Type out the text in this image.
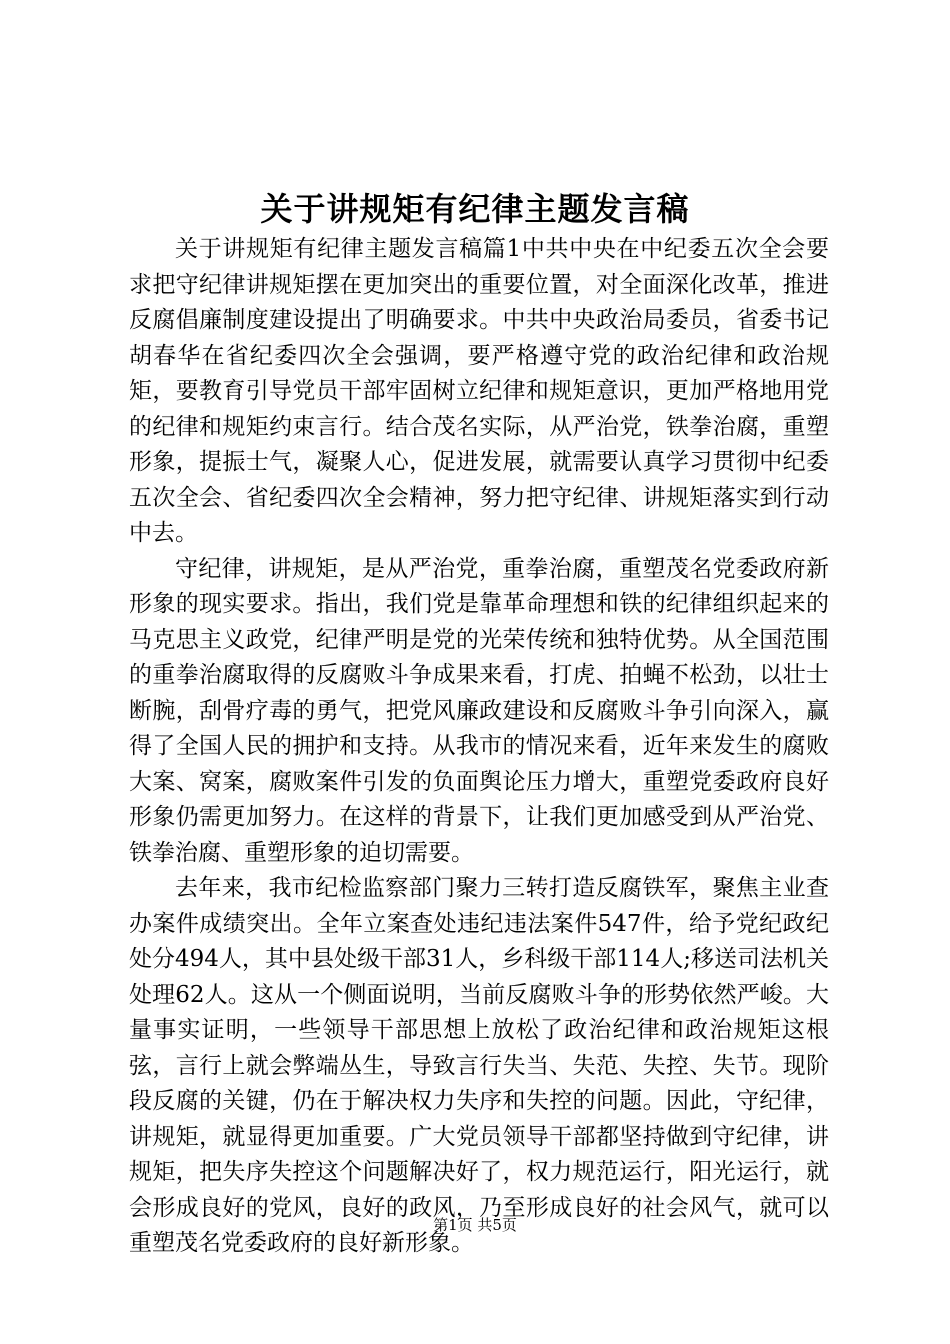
关于讲规矩有纪律主题发言稿

关于讲规矩有纪律主题发言稿篇1中共中央在中纪委五次全会要求把守纪律讲规矩摆在更加突出的重要位置，对全面深化改革，推进反腐倡廉制度建设提出了明确要求。中共中央政治局委员，省委书记胡春华在省纪委四次全会强调，要严格遵守党的政治纪律和政治规矩，要教育引导党员干部牢固树立纪律和规矩意识，更加严格地用党的纪律和规矩约束言行。结合茂名实际，从严治党，铁拳治腐，重塑形象，提振士气，凝聚人心，促进发展，就需要认真学习贯彻中纪委五次全会、省纪委四次全会精神，努力把守纪律、讲规矩落实到行动中去。

守纪律，讲规矩，是从严治党，重拳治腐，重塑茂名党委政府新形象的现实要求。指出，我们党是靠革命理想和铁的纪律组织起来的马克思主义政党，纪律严明是党的光荣传统和独特优势。从全国范围的重拳治腐取得的反腐败斗争成果来看，打虎、拍蝇不松劲，以壮士断腕，刮骨疗毒的勇气，把党风廉政建设和反腐败斗争引向深入，赢得了全国人民的拥护和支持。从我市的情况来看，近年来发生的腐败大案、窝案，腐败案件引发的负面舆论压力增大，重塑党委政府良好形象仍需更加努力。在这样的背景下，让我们更加感受到从严治党、铁拳治腐、重塑形象的迫切需要。

去年来，我市纪检监察部门聚力三转打造反腐铁军，聚焦主业查办案件成绩突出。全年立案查处违纪违法案件547件，给予党纪政纪处分494人，其中县处级干部31人，乡科级干部114人;移送司法机关处理62人。这从一个侧面说明，当前反腐败斗争的形势依然严峻。大量事实证明，一些领导干部思想上放松了政治纪律和政治规矩这根弦，言行上就会弊端丛生，导致言行失当、失范、失控、失节。现阶段反腐的关键，仍在于解决权力失序和失控的问题。因此，守纪律，讲规矩，就显得更加重要。广大党员领导干部都坚持做到守纪律，讲规矩，把失序失控这个问题解决好了，权力规范运行，阳光运行，就会形成良好的党风，良好的政风，乃至形成良好的社会风气，就可以重塑茂名党委政府的良好新形象。

第1页 共5页
